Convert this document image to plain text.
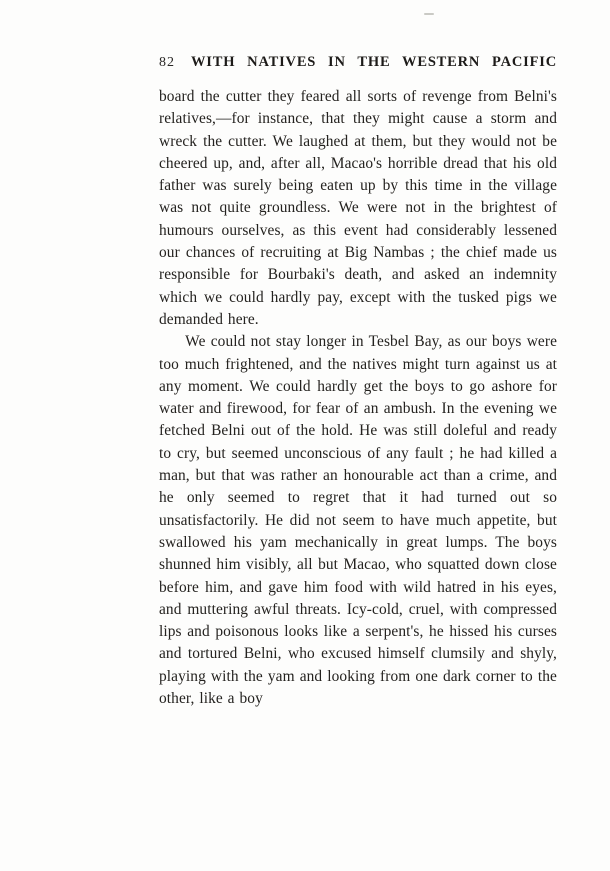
82 WITH NATIVES IN THE WESTERN PACIFIC

board the cutter they feared all sorts of revenge from Belni's relatives,—for instance, that they might cause a storm and wreck the cutter. We laughed at them, but they would not be cheered up, and, after all, Macao's horrible dread that his old father was surely being eaten up by this time in the village was not quite groundless. We were not in the brightest of humours ourselves, as this event had considerably lessened our chances of recruiting at Big Nambas ; the chief made us responsible for Bourbaki's death, and asked an indemnity which we could hardly pay, except with the tusked pigs we demanded here.

We could not stay longer in Tesbel Bay, as our boys were too much frightened, and the natives might turn against us at any moment. We could hardly get the boys to go ashore for water and firewood, for fear of an ambush. In the evening we fetched Belni out of the hold. He was still doleful and ready to cry, but seemed unconscious of any fault ; he had killed a man, but that was rather an honourable act than a crime, and he only seemed to regret that it had turned out so unsatisfactorily. He did not seem to have much appetite, but swallowed his yam mechanically in great lumps. The boys shunned him visibly, all but Macao, who squatted down close before him, and gave him food with wild hatred in his eyes, and muttering awful threats. Icy-cold, cruel, with compressed lips and poisonous looks like a serpent's, he hissed his curses and tortured Belni, who excused himself clumsily and shyly, playing with the yam and looking from one dark corner to the other, like a boy
